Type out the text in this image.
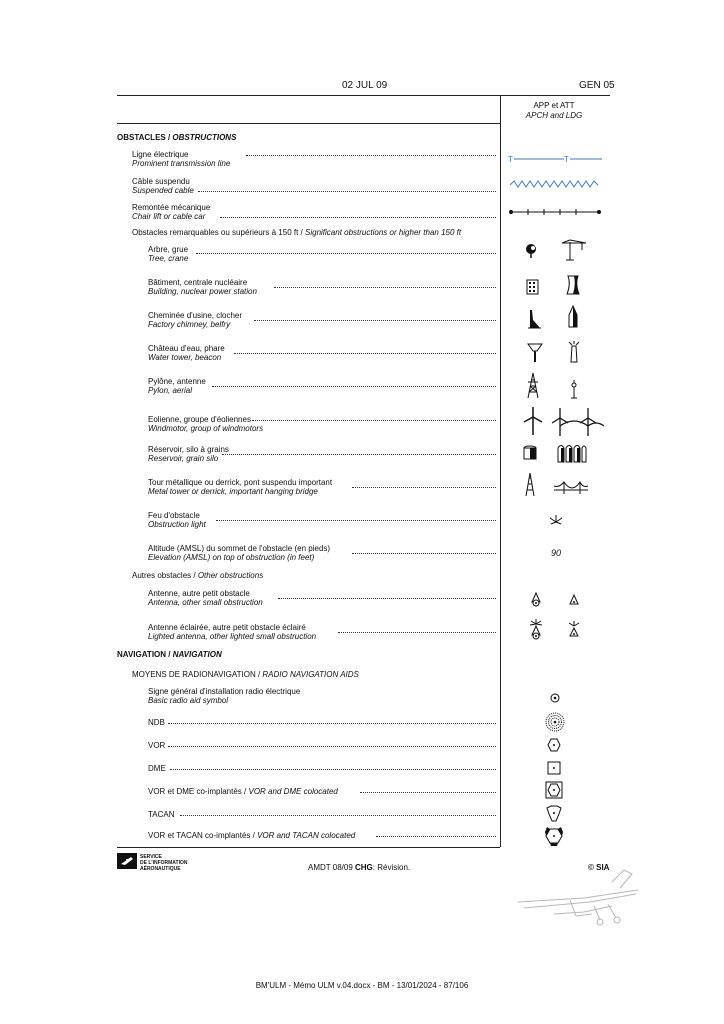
02 JUL 09	GEN 05
APP et ATT
APCH and LDG
OBSTACLES / OBSTRUCTIONS
Ligne électrique
Prominent transmission line	T	T
Câble suspendu
Suspended cable
Remontée mécanique
Chair lift or cable car
Obstacles remarquables ou supérieurs à 150 ft / Significant obstructions or higher than 150 ft
Arbre, grue
Tree, crane
Bâtiment, centrale nucléaire
Building, nuclear power station
Cheminée d'usine, clocher
Factory chimney, belfry
Château d'eau, phare
Water tower, beacon
Pylône, antenne
Pylon, aerial
Eolienne, groupe d'éoliennes
Windmotor, group of windmotors
Réservoir, silo à grains
Reservoir, grain silo
Tour métallique ou derrick, pont suspendu important
Metal tower or derrick, important hanging bridge
Feu d'obstacle
Obstruction light
Altitude (AMSL) du sommet de l'obstacle (en pieds)
Elevation (AMSL) on top of obstruction (in feet)	90
Autres obstacles / Other obstructions
Antenne, autre petit obstacle
Antenna, other small obstruction
Antenne éclairée, autre petit obstacle éclairé
Lighted antenna, other lighted small obstruction
NAVIGATION / NAVIGATION
MOYENS DE RADIONAVIGATION / RADIO NAVIGATION AIDS
Signe général d'installation radio électrique
Basic radio aid symbol
NDB
VOR
DME
VOR et DME co-implantés / VOR and DME colocated
TACAN
VOR et TACAN co-implantés / VOR and TACAN colocated
SERVICE
DE L'INFORMATION
AÉRONAUTIQUE	AMDT 08/09 CHG: Révision.	© SIA
BM'ULM - Mémo ULM v.04.docx - BM - 13/01/2024 - 87/106
